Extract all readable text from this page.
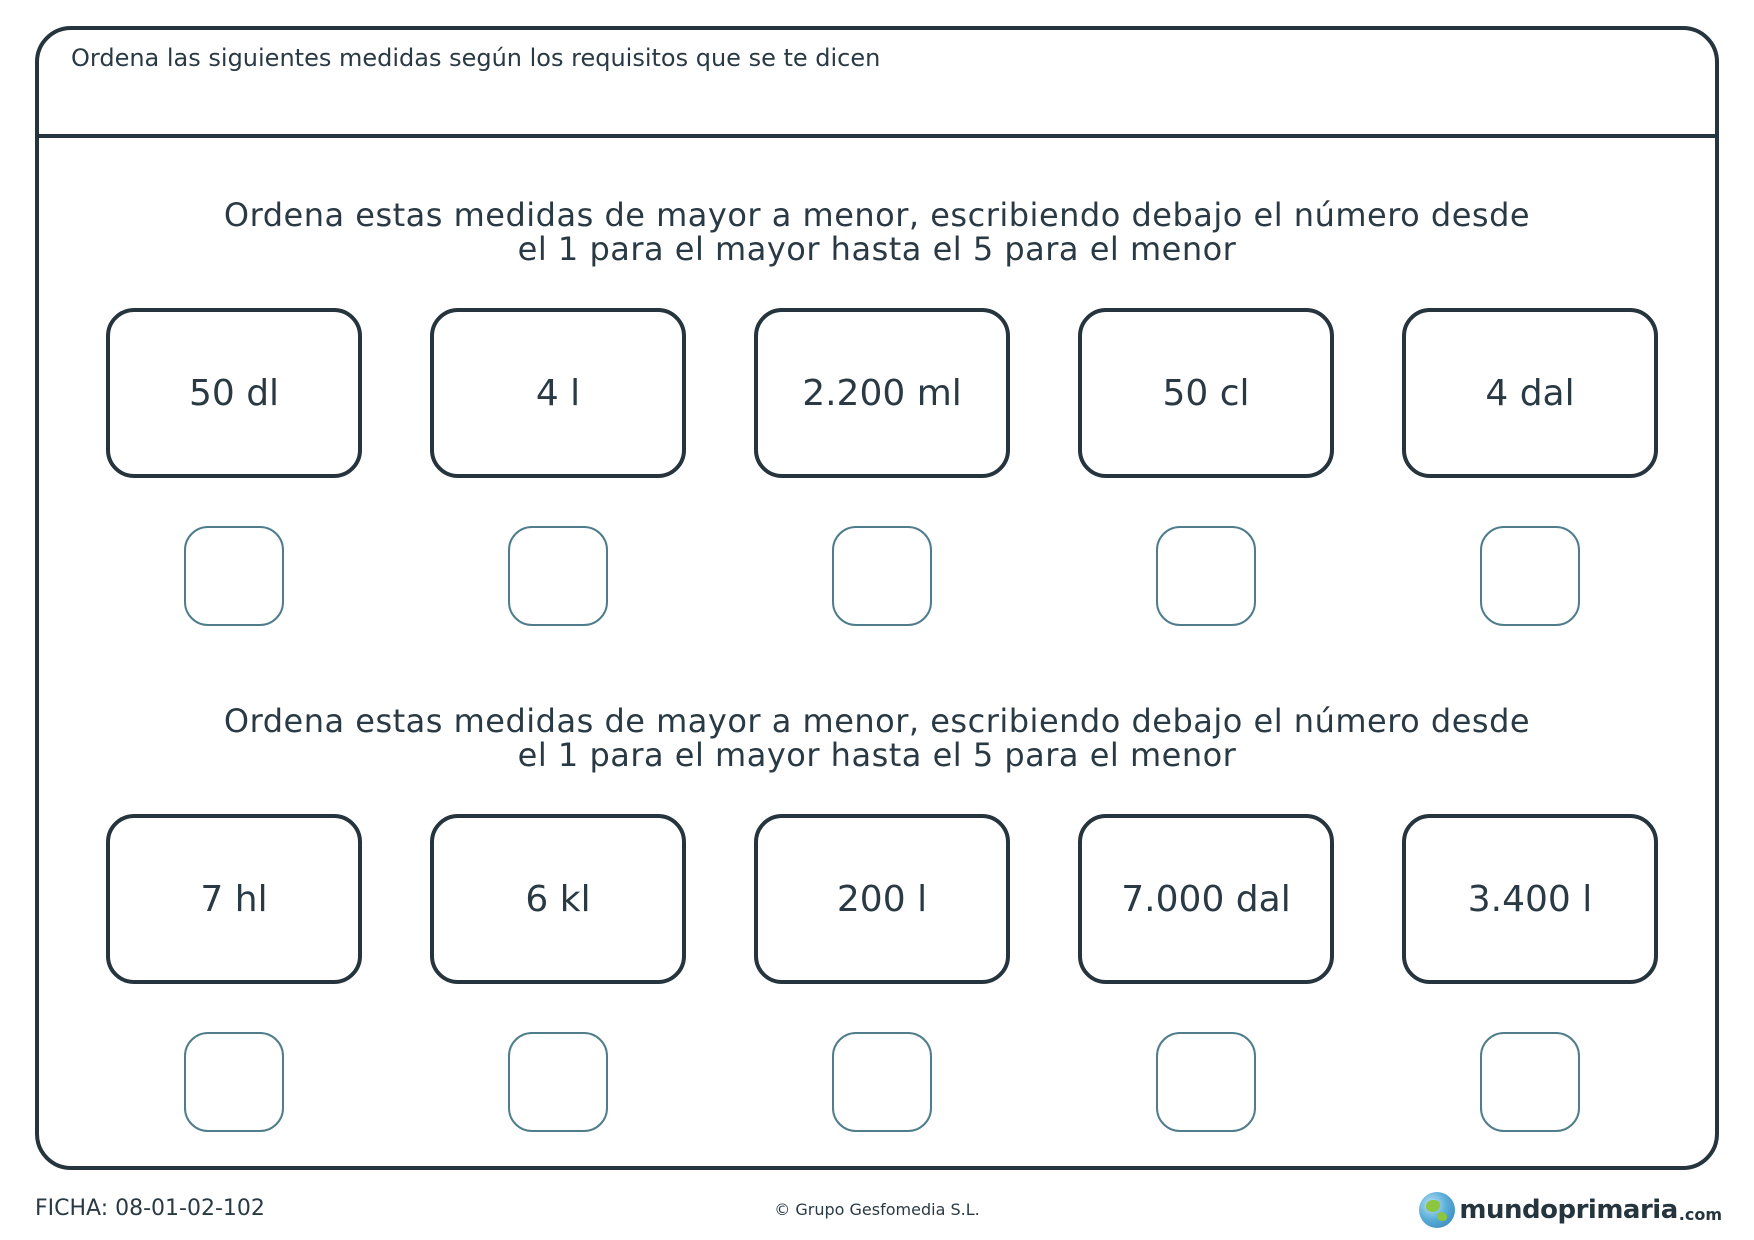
Ordena las siguientes medidas según los requisitos que se te dicen
Ordena estas medidas de mayor a menor, escribiendo debajo el número desde
el 1 para el mayor hasta el 5 para el menor
50 dl	4 l	2.200 ml	50 cl	4 dal
Ordena estas medidas de mayor a menor, escribiendo debajo el número desde
el 1 para el mayor hasta el 5 para el menor
7 hl	6 kl	200 l	7.000 dal	3.400 l
FICHA: 08-01-02-102	© Grupo Gesfomedia S.L.	mundoprimaria .com
